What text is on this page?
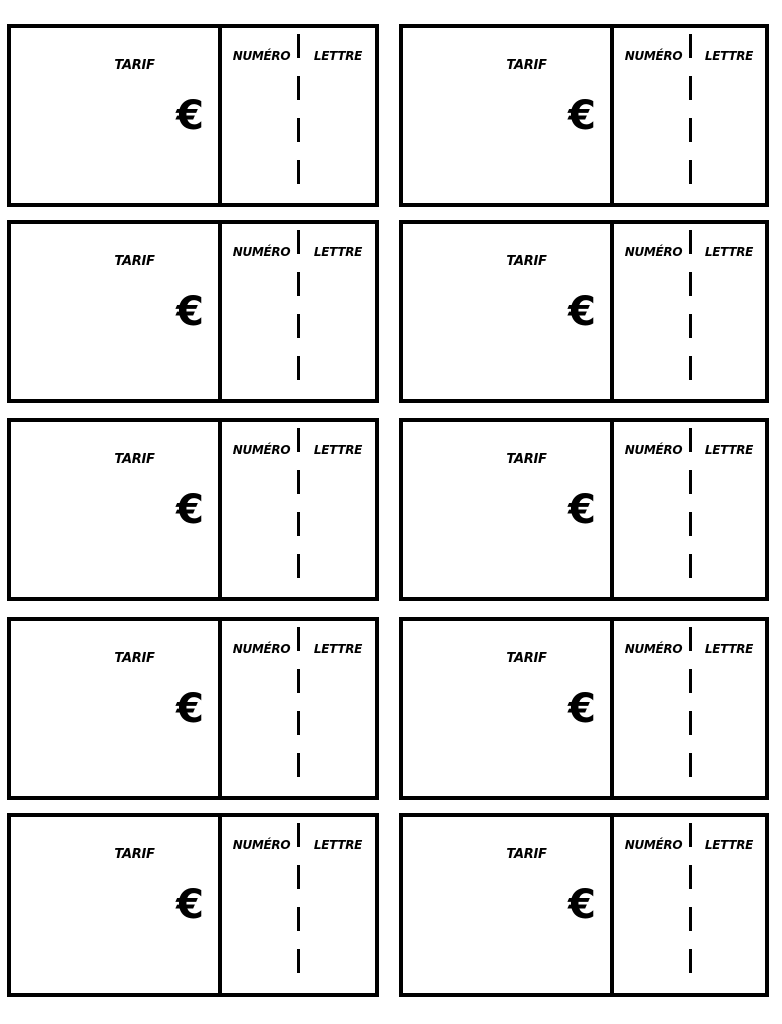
TARIF
€
NUMÉRO	LETTRE
TARIF
€
NUMÉRO	LETTRE
TARIF
€
NUMÉRO	LETTRE
TARIF
€
NUMÉRO	LETTRE
TARIF
€
NUMÉRO	LETTRE
TARIF
€
NUMÉRO	LETTRE
TARIF
€
NUMÉRO	LETTRE
TARIF
€
NUMÉRO	LETTRE
TARIF
€
NUMÉRO	LETTRE
TARIF
€
NUMÉRO	LETTRE
